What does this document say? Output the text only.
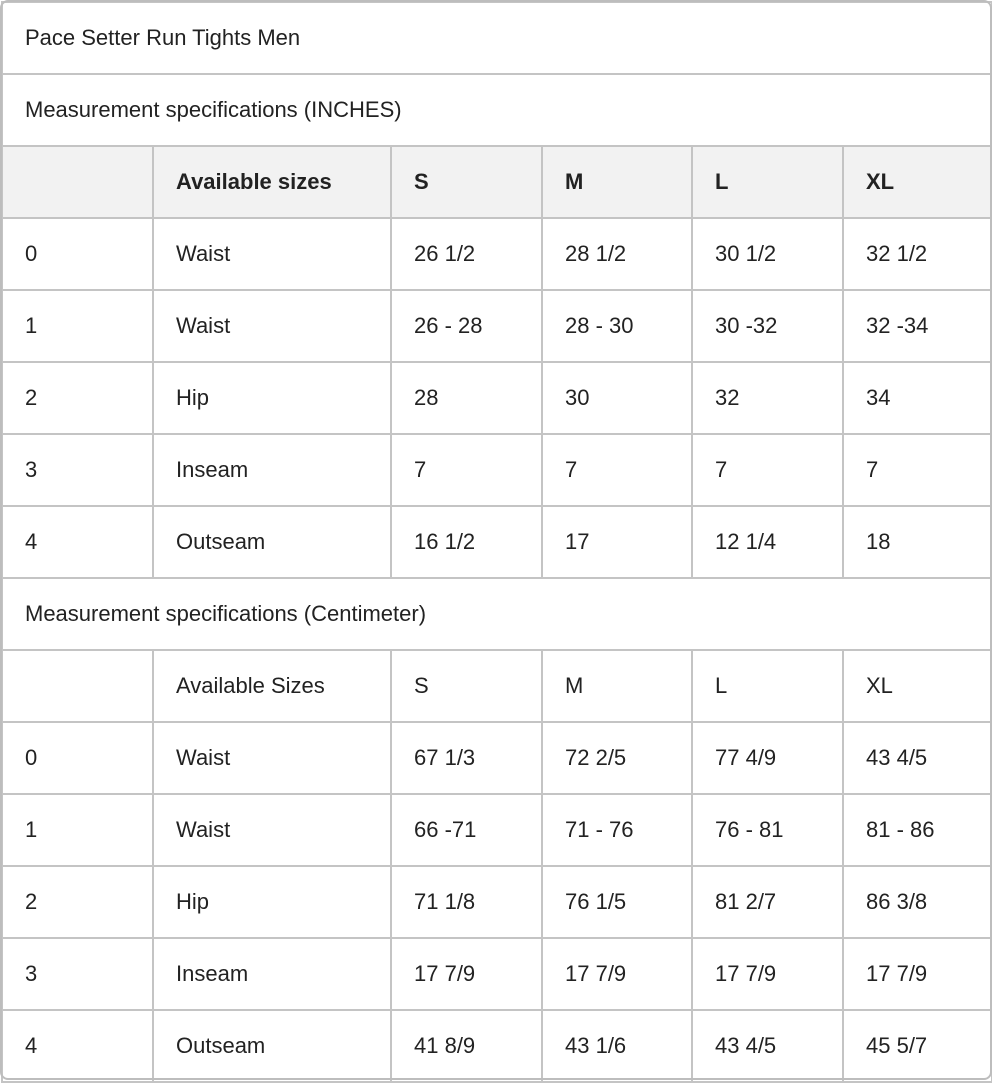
Pace Setter Run Tights Men					
Measurement specifications (INCHES)					
	Available sizes	S	M	L	XL
0	Waist	26 1/2	28 1/2	30 1/2	32 1/2
1	Waist	26 - 28	28 - 30	30 -32	32 -34
2	Hip	28	30	32	34
3	Inseam	7	7	7	7
4	Outseam	16 1/2	17	12 1/4	18
Measurement specifications (Centimeter)					
	Available Sizes	S	M	L	XL
0	Waist	67 1/3	72 2/5	77 4/9	43 4/5
1	Waist	66 -71	71 - 76	76 - 81	81 - 86
2	Hip	71 1/8	76 1/5	81 2/7	86 3/8
3	Inseam	17 7/9	17 7/9	17 7/9	17 7/9
4	Outseam	41 8/9	43 1/6	43 4/5	45 5/7
